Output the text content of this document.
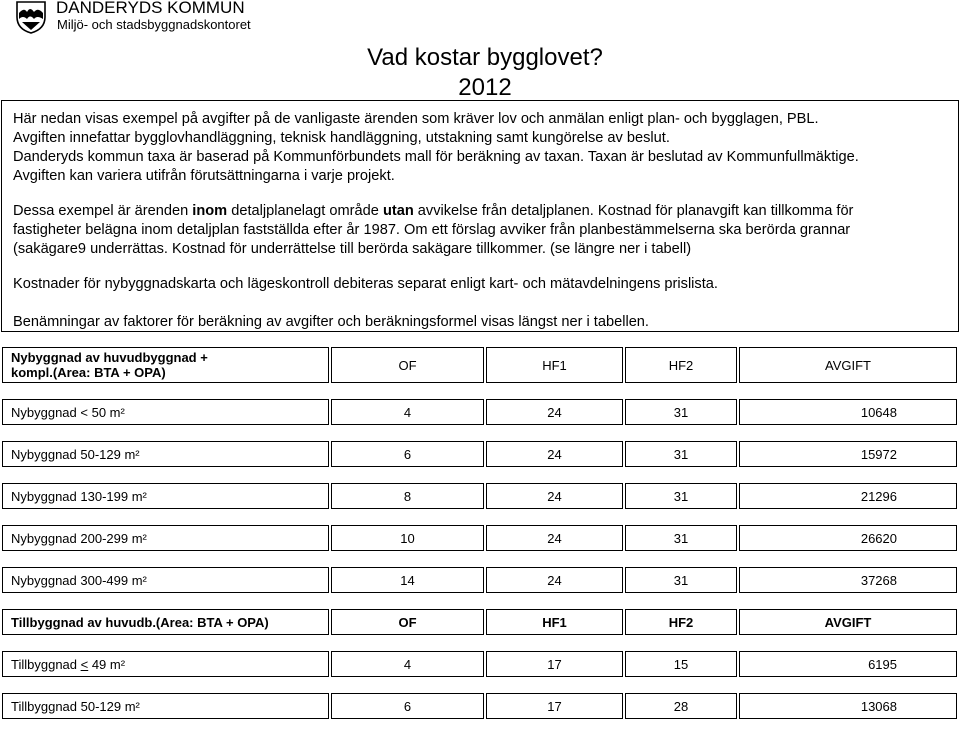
DANDERYDS KOMMUN
Miljö- och stadsbyggnadskontoret
Vad kostar bygglovet?
2012

Här nedan visas exempel på avgifter på de vanligaste ärenden som kräver lov och anmälan enligt plan- och bygglagen, PBL.
Avgiften innefattar bygglovhandläggning, teknisk handläggning, utstakning samt kungörelse av beslut.
Danderyds kommun taxa är baserad på Kommunförbundets mall för beräkning av taxan. Taxan är beslutad av Kommunfullmäktige.
Avgiften kan variera utifrån förutsättningarna i varje projekt.

Dessa exempel är ärenden inom detaljplanelagt område utan avvikelse från detaljplanen. Kostnad för planavgift kan tillkomma för
fastigheter belägna inom detaljplan fastställda efter år 1987. Om ett förslag avviker från planbestämmelserna ska berörda grannar
(sakägare9 underrättas. Kostnad för underrättelse till berörda sakägare tillkommer. (se längre ner i tabell)

Kostnader för nybyggnadskarta och lägeskontroll debiteras separat enligt kart- och mätavdelningens prislista.

Benämningar av faktorer för beräkning av avgifter och beräkningsformel visas längst ner i tabellen.

Nybyggnad av huvudbyggnad +
kompl.(Area: BTA + OPA)	OF	HF1	HF2	AVGIFT
Nybyggnad < 50 m²	4	24	31	10648
Nybyggnad 50-129 m²	6	24	31	15972
Nybyggnad 130-199 m²	8	24	31	21296
Nybyggnad 200-299 m²	10	24	31	26620
Nybyggnad 300-499 m²	14	24	31	37268
Tillbyggnad av huvudb.(Area: BTA + OPA)	OF	HF1	HF2	AVGIFT
Tillbyggnad < 49 m²	4	17	15	6195
Tillbyggnad 50-129 m²	6	17	28	13068
